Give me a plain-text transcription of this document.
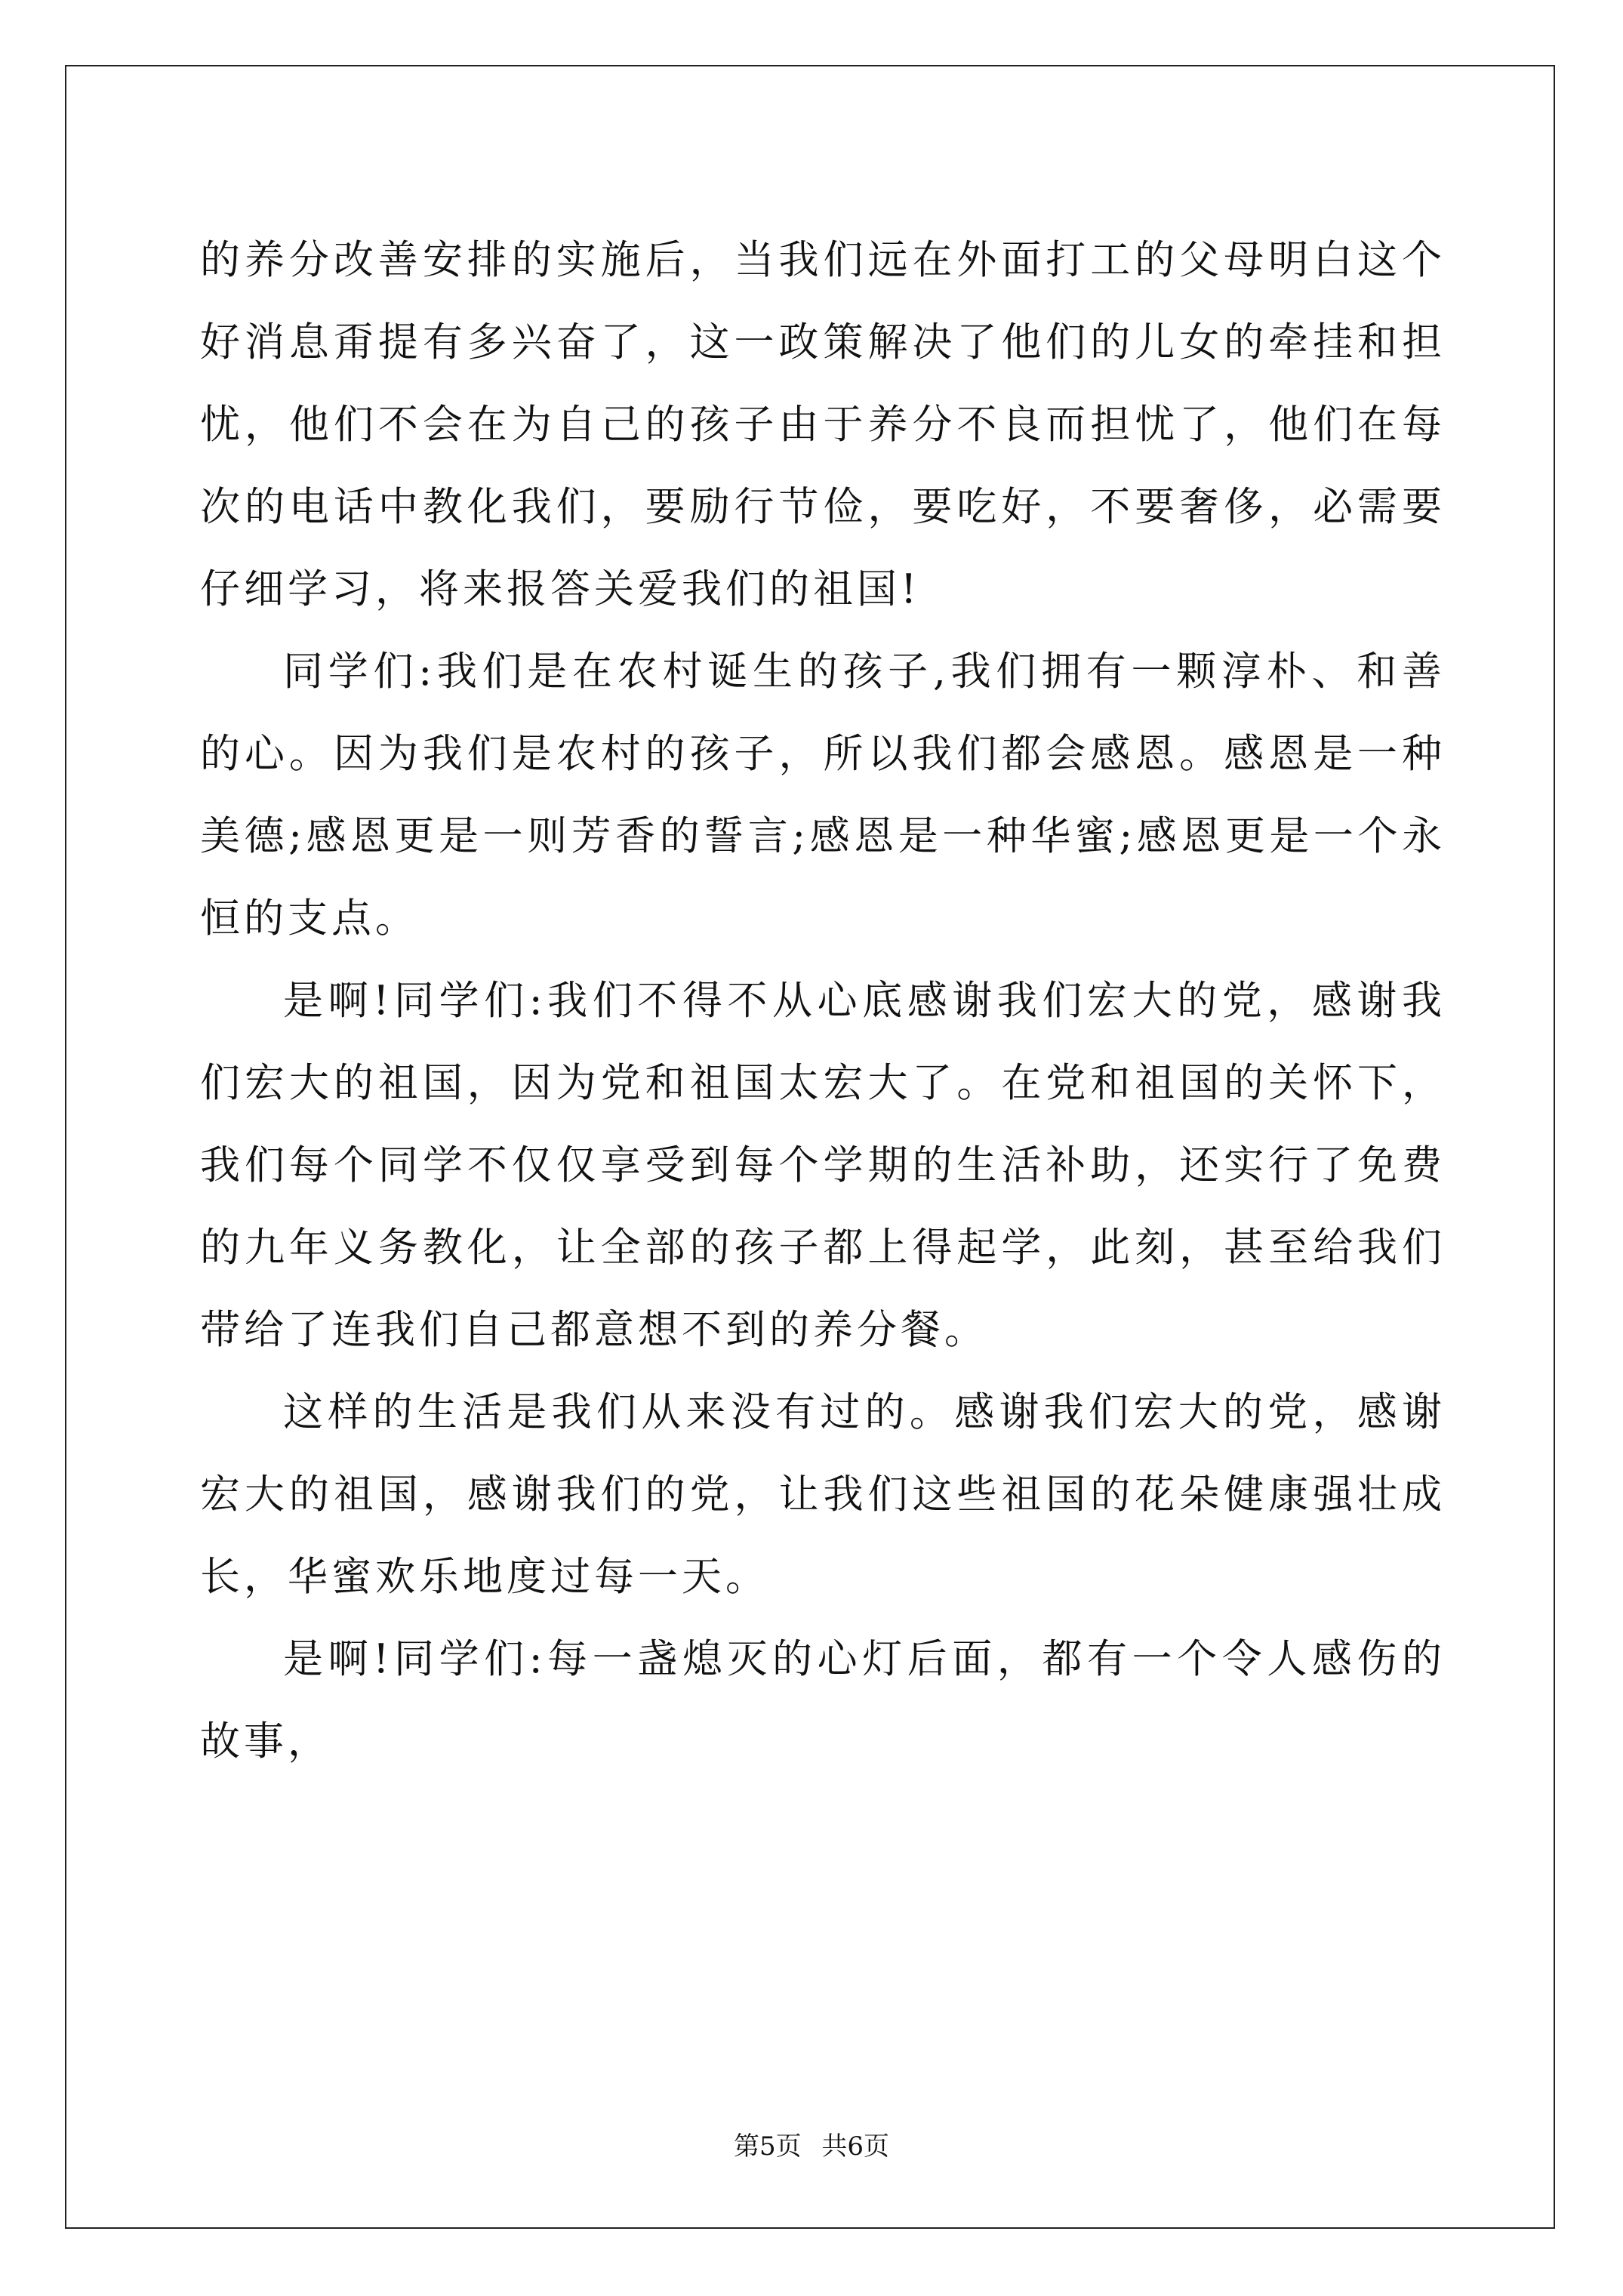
的养分改善安排的实施后，当我们远在外面打工的父母明白这个好消息甭提有多兴奋了，这一政策解决了他们的儿女的牵挂和担忧，他们不会在为自己的孩子由于养分不良而担忧了，他们在每次的电话中教化我们，要励行节俭，要吃好，不要奢侈，必需要仔细学习，将来报答关爱我们的祖国!

同学们:我们是在农村诞生的孩子,我们拥有一颗淳朴、和善的心。因为我们是农村的孩子，所以我们都会感恩。感恩是一种美德;感恩更是一则芳香的誓言;感恩是一种华蜜;感恩更是一个永恒的支点。

是啊!同学们:我们不得不从心底感谢我们宏大的党，感谢我们宏大的祖国，因为党和祖国太宏大了。在党和祖国的关怀下，我们每个同学不仅仅享受到每个学期的生活补助，还实行了免费的九年义务教化，让全部的孩子都上得起学，此刻，甚至给我们带给了连我们自己都意想不到的养分餐。

这样的生活是我们从来没有过的。感谢我们宏大的党，感谢宏大的祖国，感谢我们的党，让我们这些祖国的花朵健康强壮成长，华蜜欢乐地度过每一天。

是啊!同学们:每一盏熄灭的心灯后面，都有一个令人感伤的故事，

第5页 共6页
